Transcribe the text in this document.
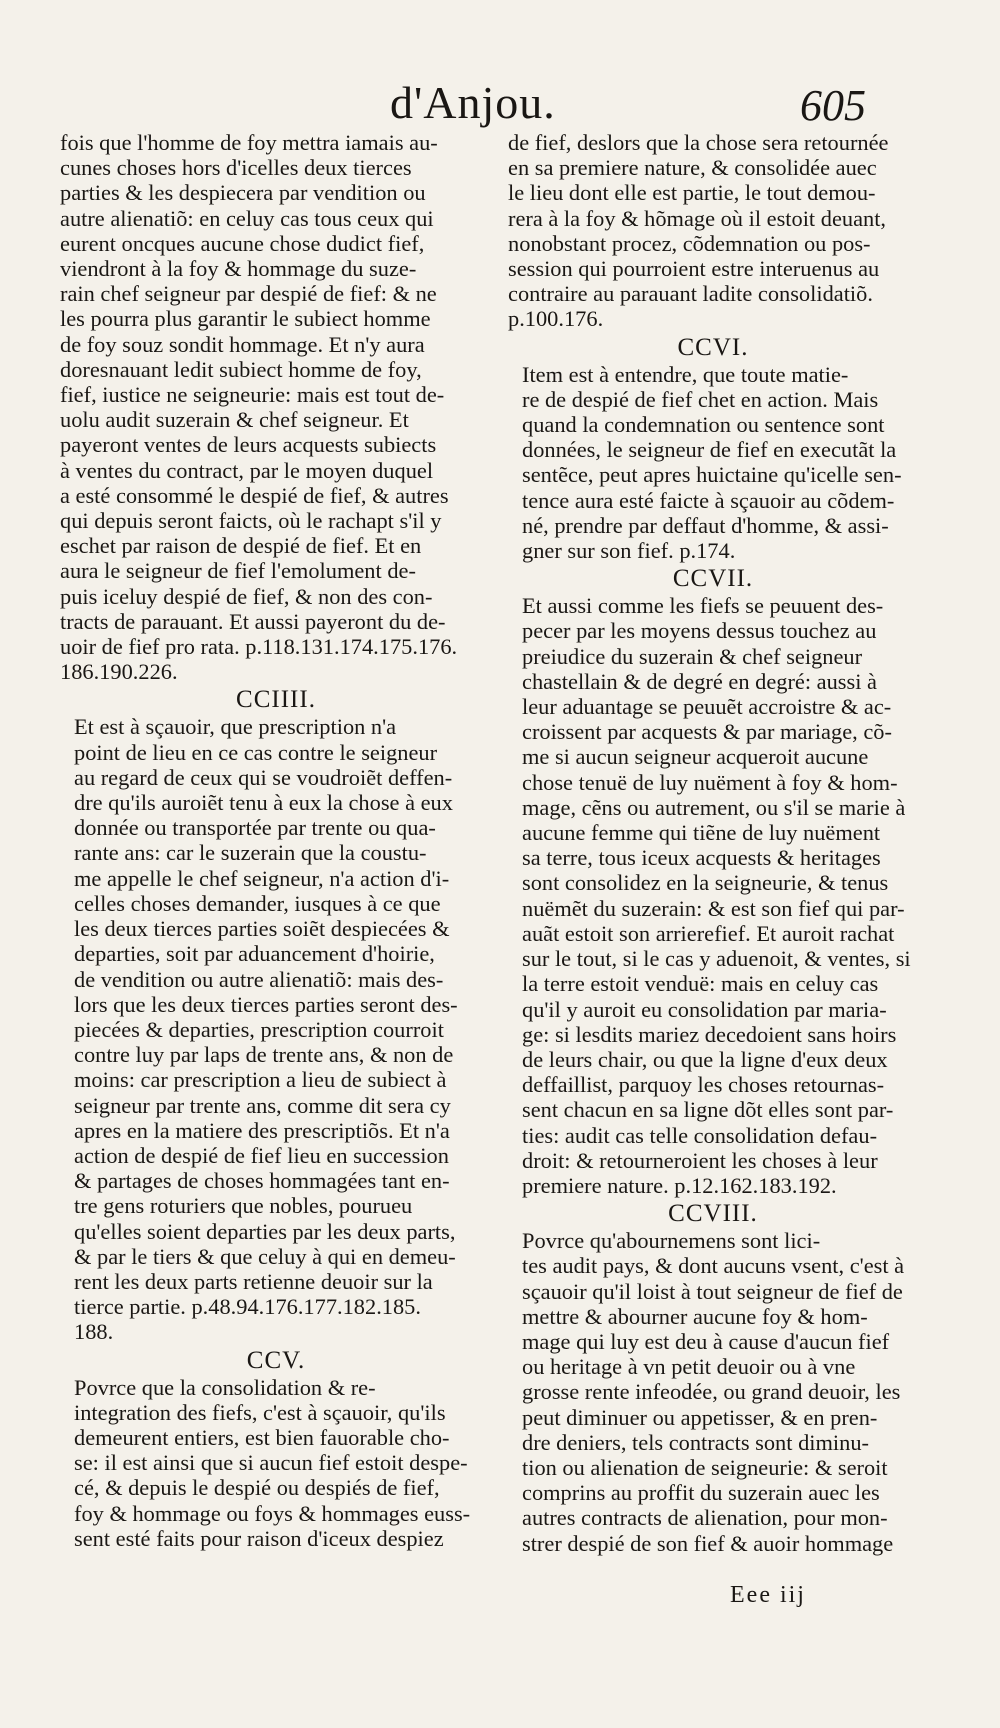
d'Anjou.	605

fois que l'homme de foy mettra iamais au-
cunes choses hors d'icelles deux tierces
parties & les despiecera par vendition ou
autre alienatiõ: en celuy cas tous ceux qui
eurent oncques aucune chose dudict fief,
viendront à la foy & hommage du suze-
rain chef seigneur par despié de fief: & ne
les pourra plus garantir le subiect homme
de foy souz sondit hommage. Et n'y aura
doresnauant ledit subiect homme de foy,
fief, iustice ne seigneurie: mais est tout de-
uolu audit suzerain & chef seigneur. Et
payeront ventes de leurs acquests subiects
à ventes du contract, par le moyen duquel
a esté consommé le despié de fief, & autres
qui depuis seront faicts, où le rachapt s'il y
eschet par raison de despié de fief. Et en
aura le seigneur de fief l'emolument de-
puis iceluy despié de fief, & non des con-
tracts de parauant. Et aussi payeront du de-
uoir de fief pro rata. p.118.131.174.175.176.
186.190.226.

CCIIII.

Et est à sçauoir, que prescription n'a
point de lieu en ce cas contre le seigneur
au regard de ceux qui se voudroiẽt deffen-
dre qu'ils auroiẽt tenu à eux la chose à eux
donnée ou transportée par trente ou qua-
rante ans: car le suzerain que la coustu-
me appelle le chef seigneur, n'a action d'i-
celles choses demander, iusques à ce que
les deux tierces parties soiẽt despiecées &
departies, soit par aduancement d'hoirie,
de vendition ou autre alienatiõ: mais des-
lors que les deux tierces parties seront des-
piecées & departies, prescription courroit
contre luy par laps de trente ans, & non de
moins: car prescription a lieu de subiect à
seigneur par trente ans, comme dit sera cy
apres en la matiere des prescriptiõs. Et n'a
action de despié de fief lieu en succession
& partages de choses hommagées tant en-
tre gens roturiers que nobles, pourueu
qu'elles soient departies par les deux parts,
& par le tiers & que celuy à qui en demeu-
rent les deux parts retienne deuoir sur la
tierce partie. p.48.94.176.177.182.185.
188.

CCV.

Povrce que la consolidation & re-
integration des fiefs, c'est à sçauoir, qu'ils
demeurent entiers, est bien fauorable cho-
se: il est ainsi que si aucun fief estoit despe-
cé, & depuis le despié ou despiés de fief,
foy & hommage ou foys & hommages euss-
sent esté faits pour raison d'iceux despiez

de fief, deslors que la chose sera retournée
en sa premiere nature, & consolidée auec
le lieu dont elle est partie, le tout demou-
rera à la foy & hõmage où il estoit deuant,
nonobstant procez, cõdemnation ou pos-
session qui pourroient estre interuenus au
contraire au parauant ladite consolidatiõ.
p.100.176.

CCVI.

Item est à entendre, que toute matie-
re de despié de fief chet en action. Mais
quand la condemnation ou sentence sont
données, le seigneur de fief en executãt la
sentẽce, peut apres huictaine qu'icelle sen-
tence aura esté faicte à sçauoir au cõdem-
né, prendre par deffaut d'homme, & assi-
gner sur son fief. p.174.

CCVII.

Et aussi comme les fiefs se peuuent des-
pecer par les moyens dessus touchez au
preiudice du suzerain & chef seigneur
chastellain & de degré en degré: aussi à
leur aduantage se peuuẽt accroistre & ac-
croissent par acquests & par mariage, cõ-
me si aucun seigneur acqueroit aucune
chose tenuë de luy nuëment à foy & hom-
mage, cẽns ou autrement, ou s'il se marie à
aucune femme qui tiẽne de luy nuëment
sa terre, tous iceux acquests & heritages
sont consolidez en la seigneurie, & tenus
nuëmẽt du suzerain: & est son fief qui par-
auãt estoit son arrierefief. Et auroit rachat
sur le tout, si le cas y aduenoit, & ventes, si
la terre estoit venduë: mais en celuy cas
qu'il y auroit eu consolidation par maria-
ge: si lesdits mariez decedoient sans hoirs
de leurs chair, ou que la ligne d'eux deux
deffaillist, parquoy les choses retournas-
sent chacun en sa ligne dõt elles sont par-
ties: audit cas telle consolidation defau-
droit: & retourneroient les choses à leur
premiere nature. p.12.162.183.192.

CCVIII.

Povrce qu'abournemens sont lici-
tes audit pays, & dont aucuns vsent, c'est à
sçauoir qu'il loist à tout seigneur de fief de
mettre & abourner aucune foy & hom-
mage qui luy est deu à cause d'aucun fief
ou heritage à vn petit deuoir ou à vne
grosse rente infeodée, ou grand deuoir, les
peut diminuer ou appetisser, & en pren-
dre deniers, tels contracts sont diminu-
tion ou alienation de seigneurie: & seroit
comprins au proffit du suzerain auec les
autres contracts de alienation, pour mon-
strer despié de son fief & auoir hommage

Eee iij
